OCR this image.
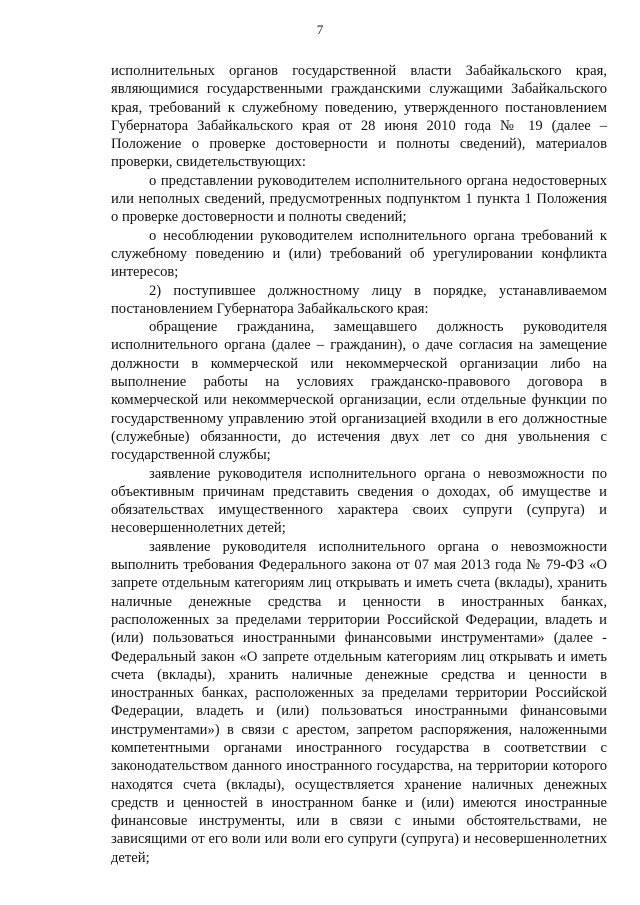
7

исполнительных органов государственной власти Забайкальского края, являющимися государственными гражданскими служащими Забайкальского края, требований к служебному поведению, утвержденного постановлением Губернатора Забайкальского края от 28 июня 2010 года № 19 (далее – Положение о проверке достоверности и полноты сведений), материалов проверки, свидетельствующих:

о представлении руководителем исполнительного органа недостоверных или неполных сведений, предусмотренных подпунктом 1 пункта 1 Положения о проверке достоверности и полноты сведений;

о несоблюдении руководителем исполнительного органа требований к служебному поведению и (или) требований об урегулировании конфликта интересов;

2) поступившее должностному лицу в порядке, устанавливаемом постановлением Губернатора Забайкальского края:

обращение гражданина, замещавшего должность руководителя исполнительного органа (далее – гражданин), о даче согласия на замещение должности в коммерческой или некоммерческой организации либо на выполнение работы на условиях гражданско-правового договора в коммерческой или некоммерческой организации, если отдельные функции по государственному управлению этой организацией входили в его должностные (служебные) обязанности, до истечения двух лет со дня увольнения с государственной службы;

заявление руководителя исполнительного органа о невозможности по объективным причинам представить сведения о доходах, об имуществе и обязательствах имущественного характера своих супруги (супруга) и несовершеннолетних детей;

заявление руководителя исполнительного органа о невозможности выполнить требования Федерального закона от 07 мая 2013 года № 79-ФЗ «О запрете отдельным категориям лиц открывать и иметь счета (вклады), хранить наличные денежные средства и ценности в иностранных банках, расположенных за пределами территории Российской Федерации, владеть и (или) пользоваться иностранными финансовыми инструментами» (далее - Федеральный закон «О запрете отдельным категориям лиц открывать и иметь счета (вклады), хранить наличные денежные средства и ценности в иностранных банках, расположенных за пределами территории Российской Федерации, владеть и (или) пользоваться иностранными финансовыми инструментами») в связи с арестом, запретом распоряжения, наложенными компетентными органами иностранного государства в соответствии с законодательством данного иностранного государства, на территории которого находятся счета (вклады), осуществляется хранение наличных денежных средств и ценностей в иностранном банке и (или) имеются иностранные финансовые инструменты, или в связи с иными обстоятельствами, не зависящими от его воли или воли его супруги (супруга) и несовершеннолетних детей;
